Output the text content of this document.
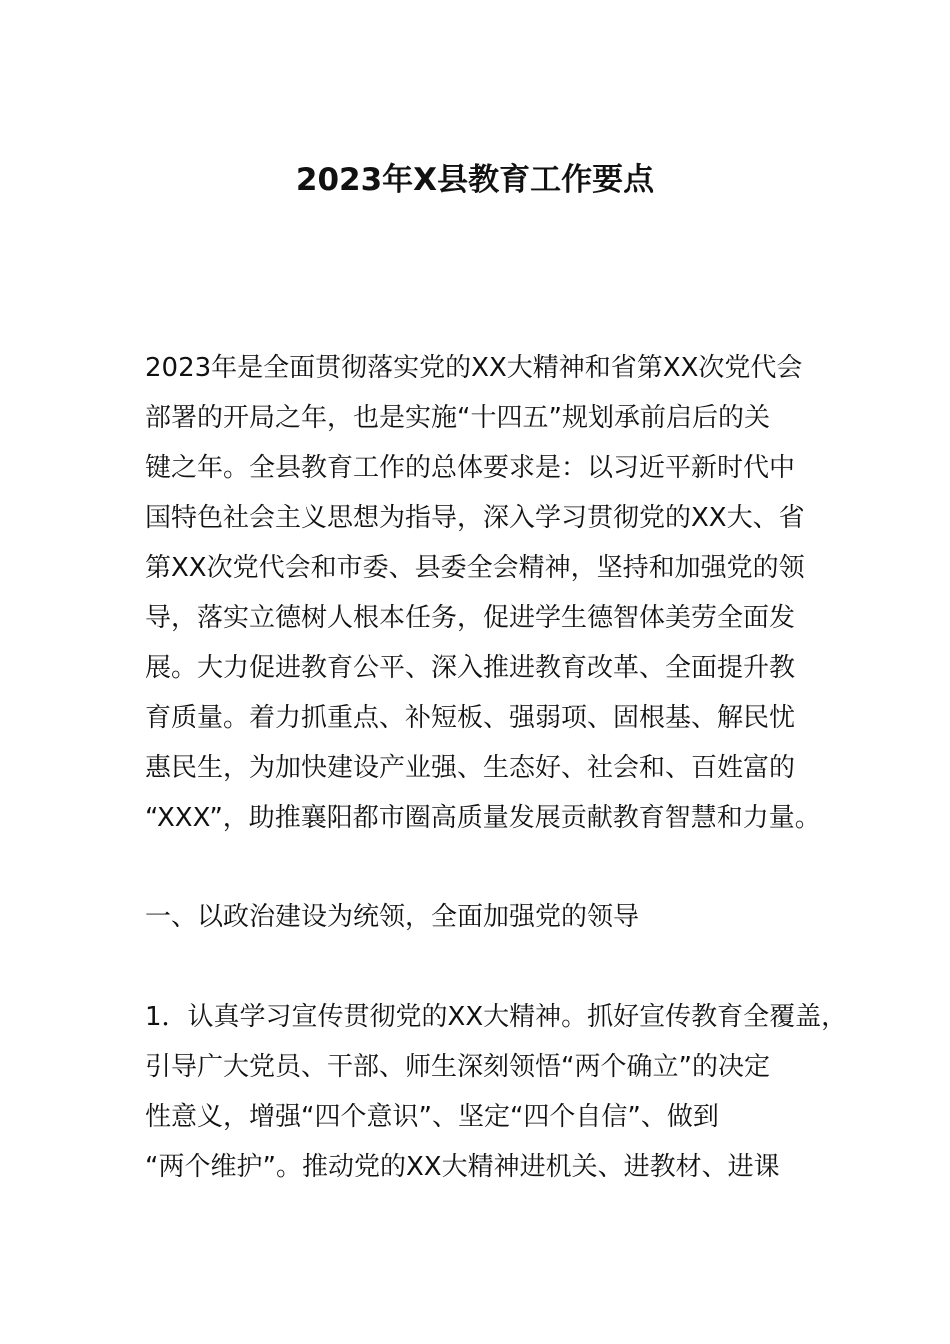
2023年X县教育工作要点
2023年是全面贯彻落实党的XX大精神和省第XX次党代会
部署的开局之年，也是实施“十四五”规划承前启后的关
键之年。全县教育工作的总体要求是：以习近平新时代中
国特色社会主义思想为指导，深入学习贯彻党的XX大、省
第XX次党代会和市委、县委全会精神，坚持和加强党的领
导，落实立德树人根本任务，促进学生德智体美劳全面发
展。大力促进教育公平、深入推进教育改革、全面提升教
育质量。着力抓重点、补短板、强弱项、固根基、解民忧
惠民生，为加快建设产业强、生态好、社会和、百姓富的
“XXX”，助推襄阳都市圈高质量发展贡献教育智慧和力量。
一、以政治建设为统领，全面加强党的领导
1．认真学习宣传贯彻党的XX大精神。抓好宣传教育全覆盖，
引导广大党员、干部、师生深刻领悟“两个确立”的决定
性意义，增强“四个意识”、坚定“四个自信”、做到
“两个维护”。推动党的XX大精神进机关、进教材、进课
